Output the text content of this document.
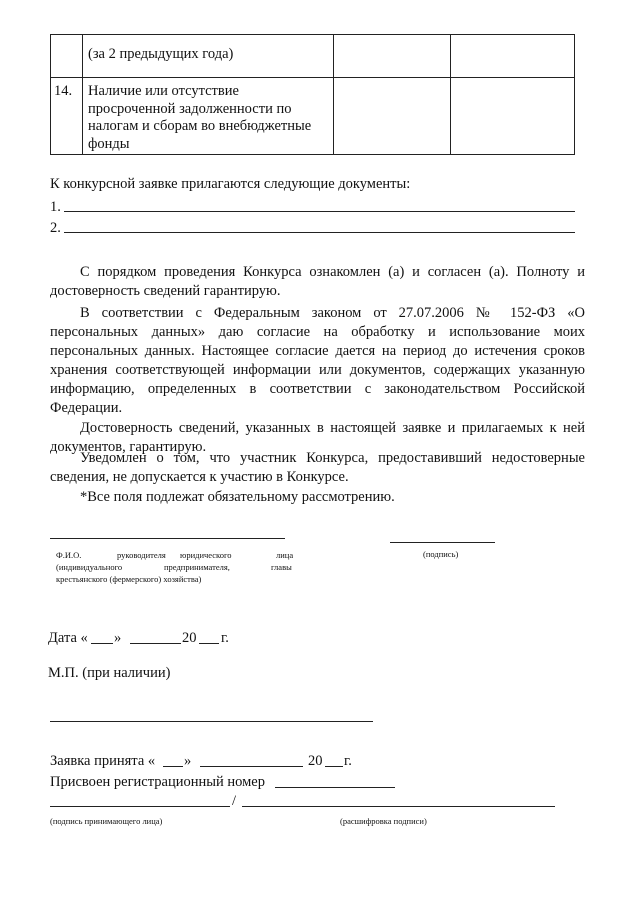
(за 2 предыдущих года)
14. Наличие или отсутствие
просроченной задолженности по
налогам и сборам во внебюджетные
фонды
К конкурсной заявке прилагаются следующие документы:
1.
2.
С порядком проведения Конкурса ознакомлен (а) и согласен (а). Полноту и
достоверность сведений гарантирую.
В соответствии с Федеральным законом от 27.07.2006 № 152-ФЗ «О
персональных данных» даю согласие на обработку и использование моих
персональных данных. Настоящее согласие дается на период до истечения сроков
хранения соответствующей информации или документов, содержащих указанную
информацию, определенных в соответствии с законодательством Российской
Федерации.
Достоверность сведений, указанных в настоящей заявке и прилагаемых к ней
документов, гарантирую.
Уведомлен о том, что участник Конкурса, предоставивший недостоверные
сведения, не допускается к участию в Конкурсе.
*Все поля подлежат обязательному рассмотрению.
Ф.И.О.	руководителя юридического	лица
(индивидуального	предпринимателя,	главы
крестьянского (фермерского) хозяйства)
(подпись)
Дата « »	20 г.
М.П. (при наличии)
Заявка принята « »	20 г.
Присвоен регистрационный номер
/
(подпись принимающего лица)	(расшифровка подписи)
